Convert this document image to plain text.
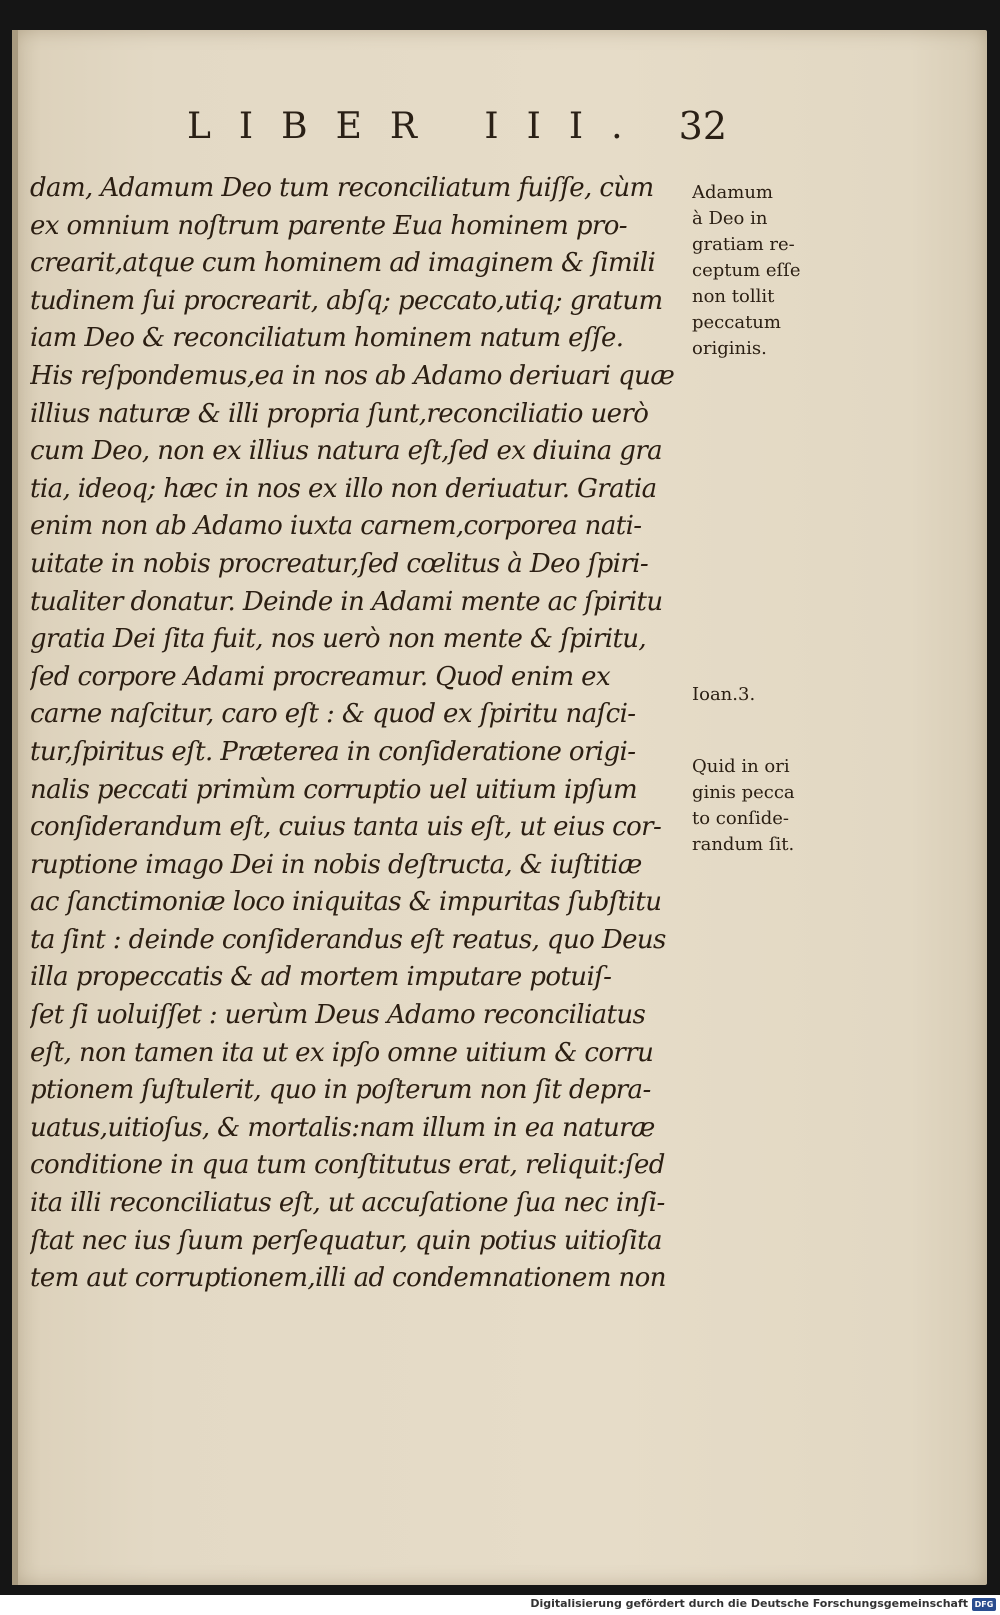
LIBER III. 32
dam, Adamum Deo tum reconciliatum fuiſſe, cùm
ex omnium noſtrum parente Eua hominem pro-
crearit,atque cum hominem ad imaginem & ſimili
tudinem ſui procrearit, abſq; peccato,utiq; gratum
iam Deo & reconciliatum hominem natum eſſe.
His reſpondemus,ea in nos ab Adamo deriuari quæ
illius naturæ & illi propria ſunt,reconciliatio uerò
cum Deo, non ex illius natura eſt,ſed ex diuina gra
tia, ideoq; hæc in nos ex illo non deriuatur. Gratia
enim non ab Adamo iuxta carnem,corporea nati-
uitate in nobis procreatur,ſed cœlitus à Deo ſpiri-
tualiter donatur. Deinde in Adami mente ac ſpiritu
gratia Dei ſita fuit, nos uerò non mente & ſpiritu,
ſed corpore Adami procreamur. Quod enim ex
carne naſcitur, caro eſt : & quod ex ſpiritu naſci-
tur,ſpiritus eſt. Præterea in conſideratione origi-
nalis peccati primùm corruptio uel uitium ipſum
conſiderandum eſt, cuius tanta uis eſt, ut eius cor-
ruptione imago Dei in nobis deſtructa, & iuſtitiæ
ac ſanctimoniæ loco iniquitas & impuritas ſubſtitu
ta ſint : deinde conſiderandus eſt reatus, quo Deus
illa propeccatis & ad mortem imputare potuiſ-
ſet ſi uoluiſſet : uerùm Deus Adamo reconciliatus
eſt, non tamen ita ut ex ipſo omne uitium & corru
ptionem ſuſtulerit, quo in poſterum non ſit depra-
uatus,uitioſus, & mortalis:nam illum in ea naturæ
conditione in qua tum conſtitutus erat, reliquit:ſed
ita illi reconciliatus eſt, ut accuſatione ſua nec inſi-
ſtat nec ius ſuum perſequatur, quin potius uitioſita
tem aut corruptionem,illi ad condemnationem non
Adamum
à Deo in
gratiam re-
ceptum eſſe
non tollit
peccatum
originis.
Ioan.3.
Quid in ori
ginis pecca
to conſide-
randum ſit.
Digitalisierung gefördert durch die Deutsche Forschungsgemeinschaft DFG
